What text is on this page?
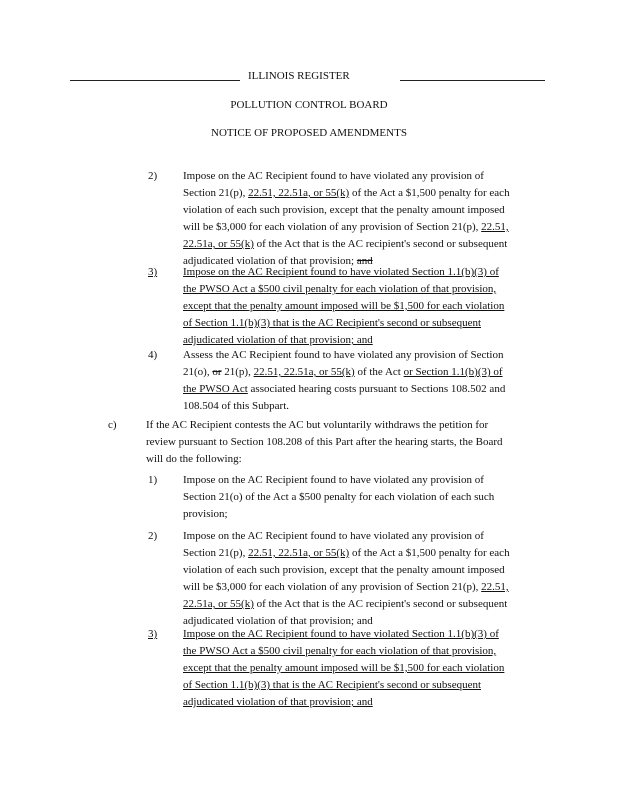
ILLINOIS REGISTER
POLLUTION CONTROL BOARD
NOTICE OF PROPOSED AMENDMENTS
2) Impose on the AC Recipient found to have violated any provision of
Section 21(p), 22.51, 22.51a, or 55(k) of the Act a $1,500 penalty for each
violation of each such provision, except that the penalty amount imposed
will be $3,000 for each violation of any provision of Section 21(p), 22.51,
22.51a, or 55(k) of the Act that is the AC recipient's second or subsequent
adjudicated violation of that provision; and
3) Impose on the AC Recipient found to have violated Section 1.1(b)(3) of
the PWSO Act a $500 civil penalty for each violation of that provision,
except that the penalty amount imposed will be $1,500 for each violation
of Section 1.1(b)(3) that is the AC Recipient's second or subsequent
adjudicated violation of that provision; and
4) Assess the AC Recipient found to have violated any provision of Section
21(o), or 21(p), 22.51, 22.51a, or 55(k) of the Act or Section 1.1(b)(3) of
the PWSO Act associated hearing costs pursuant to Sections 108.502 and
108.504 of this Subpart.
c)	If the AC Recipient contests the AC but voluntarily withdraws the petition for
review pursuant to Section 108.208 of this Part after the hearing starts, the Board
will do the following:
1) Impose on the AC Recipient found to have violated any provision of
Section 21(o) of the Act a $500 penalty for each violation of each such
provision;
2) Impose on the AC Recipient found to have violated any provision of
Section 21(p), 22.51, 22.51a, or 55(k) of the Act a $1,500 penalty for each
violation of each such provision, except that the penalty amount imposed
will be $3,000 for each violation of any provision of Section 21(p), 22.51,
22.51a, or 55(k) of the Act that is the AC recipient's second or subsequent
adjudicated violation of that provision; and
3) Impose on the AC Recipient found to have violated Section 1.1(b)(3) of
the PWSO Act a $500 civil penalty for each violation of that provision,
except that the penalty amount imposed will be $1,500 for each violation
of Section 1.1(b)(3) that is the AC Recipient's second or subsequent
adjudicated violation of that provision; and
